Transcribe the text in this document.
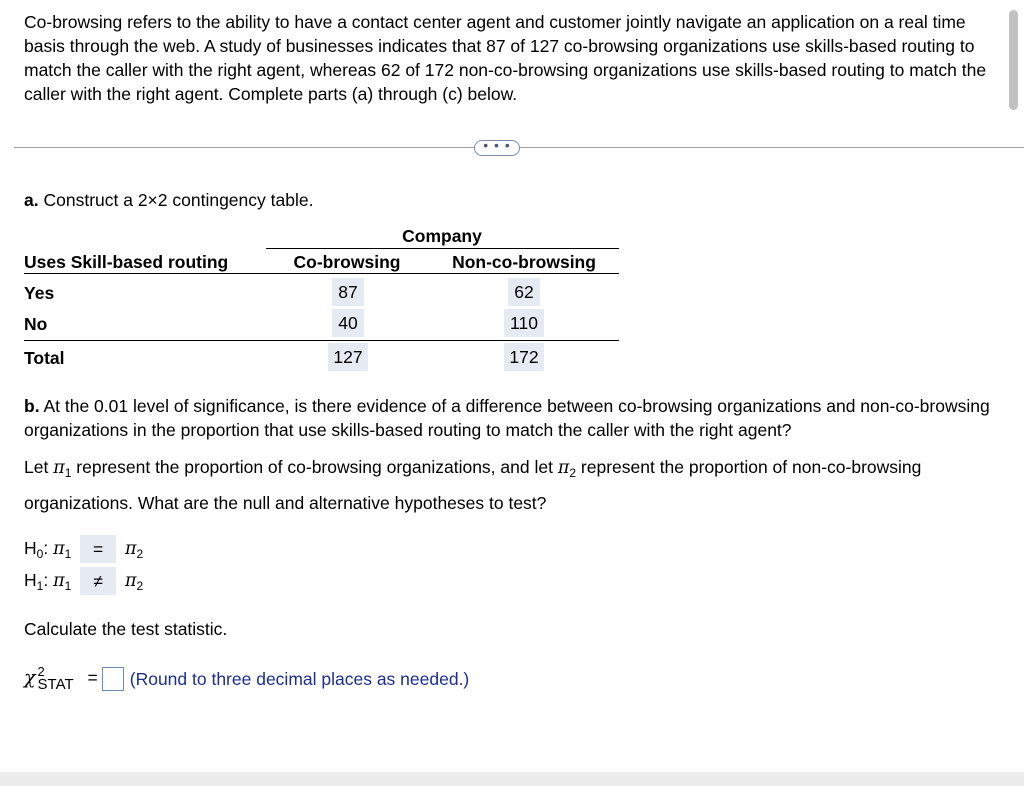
Co-browsing refers to the ability to have a contact center agent and customer jointly navigate an application on a real time basis through the web. A study of businesses indicates that 87 of 127 co-browsing organizations use skills-based routing to match the caller with the right agent, whereas 62 of 172 non-co-browsing organizations use skills-based routing to match the caller with the right agent. Complete parts (a) through (c) below.
• • •
a. Construct a 2×2 contingency table.
Company
Uses Skill-based routing	Co-browsing	Non-co-browsing
Yes	87	62
No	40	110
Total	127	172
b. At the 0.01 level of significance, is there evidence of a difference between co-browsing organizations and non-co-browsing organizations in the proportion that use skills-based routing to match the caller with the right agent?
Let $\pi_1$ represent the proportion of co-browsing organizations, and let $\pi_2$ represent the proportion of non-co-browsing organizations. What are the null and alternative hypotheses to test?
$H_0$: $\pi_1 = \pi_2$
$H_1$: $\pi_1 \ne \pi_2$
Calculate the test statistic.
χ 2
STAT = (Round to three decimal places as needed.)
